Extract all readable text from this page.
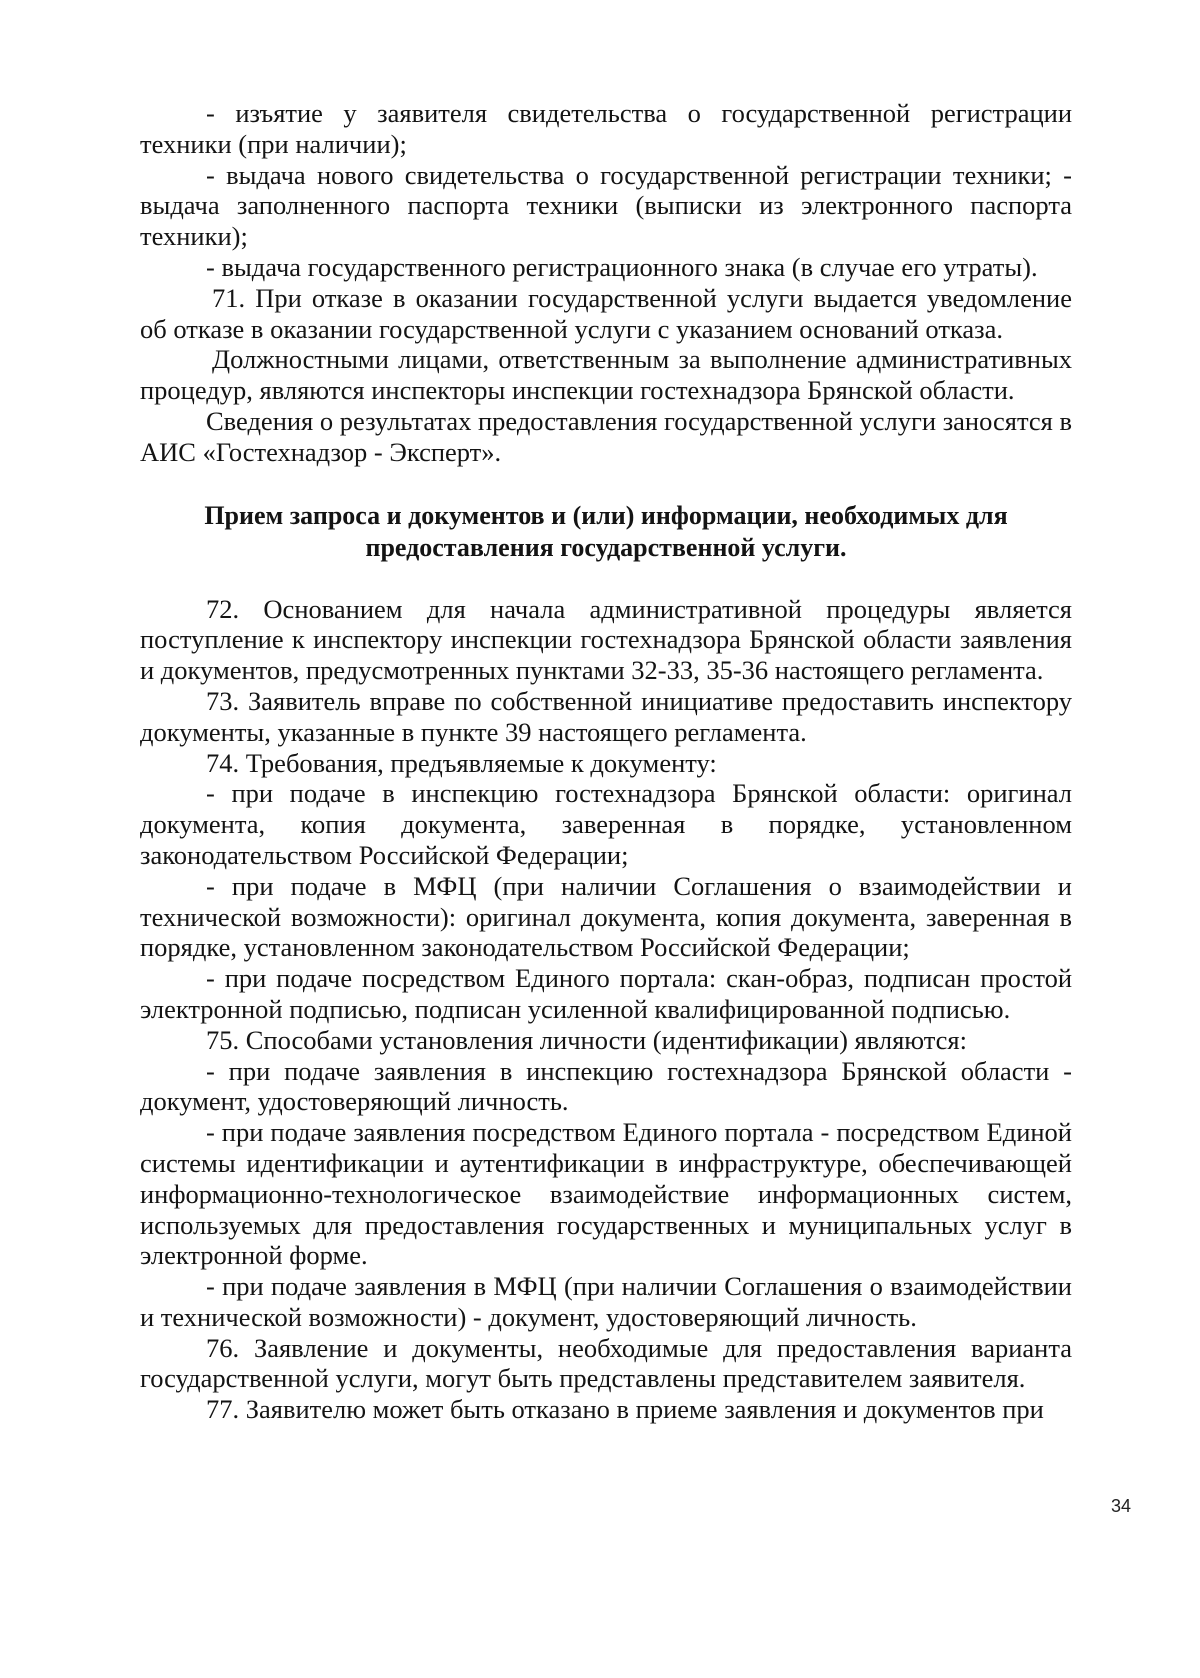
- изъятие у заявителя свидетельства о государственной регистрации техники (при наличии);

- выдача нового свидетельства о государственной регистрации техники; - выдача заполненного паспорта техники (выписки из электронного паспорта техники);

- выдача государственного регистрационного знака (в случае его утраты).

71. При отказе в оказании государственной услуги выдается уведомление об отказе в оказании государственной услуги с указанием оснований отказа.

Должностными лицами, ответственным за выполнение административных процедур, являются инспекторы инспекции гостехнадзора Брянской области.

Сведения о результатах предоставления государственной услуги заносятся в АИС «Гостехнадзор - Эксперт».

Прием запроса и документов и (или) информации, необходимых для предоставления государственной услуги.

72. Основанием для начала административной процедуры является поступление к инспектору инспекции гостехнадзора Брянской области заявления и документов, предусмотренных пунктами 32-33, 35-36 настоящего регламента.

73. Заявитель вправе по собственной инициативе предоставить инспектору документы, указанные в пункте 39 настоящего регламента.

74. Требования, предъявляемые к документу:

- при подаче в инспекцию гостехнадзора Брянской области: оригинал документа, копия документа, заверенная в порядке, установленном законодательством Российской Федерации;

- при подаче в МФЦ (при наличии Соглашения о взаимодействии и технической возможности): оригинал документа, копия документа, заверенная в порядке, установленном законодательством Российской Федерации;

- при подаче посредством Единого портала: скан-образ, подписан простой электронной подписью, подписан усиленной квалифицированной подписью.

75. Способами установления личности (идентификации) являются:

- при подаче заявления в инспекцию гостехнадзора Брянской области - документ, удостоверяющий личность.

- при подаче заявления посредством Единого портала - посредством Единой системы идентификации и аутентификации в инфраструктуре, обеспечивающей информационно-технологическое взаимодействие информационных систем, используемых для предоставления государственных и муниципальных услуг в электронной форме.

- при подаче заявления в МФЦ (при наличии Соглашения о взаимодействии и технической возможности) - документ, удостоверяющий личность.

76. Заявление и документы, необходимые для предоставления варианта государственной услуги, могут быть представлены представителем заявителя.

77. Заявителю может быть отказано в приеме заявления и документов при

34
